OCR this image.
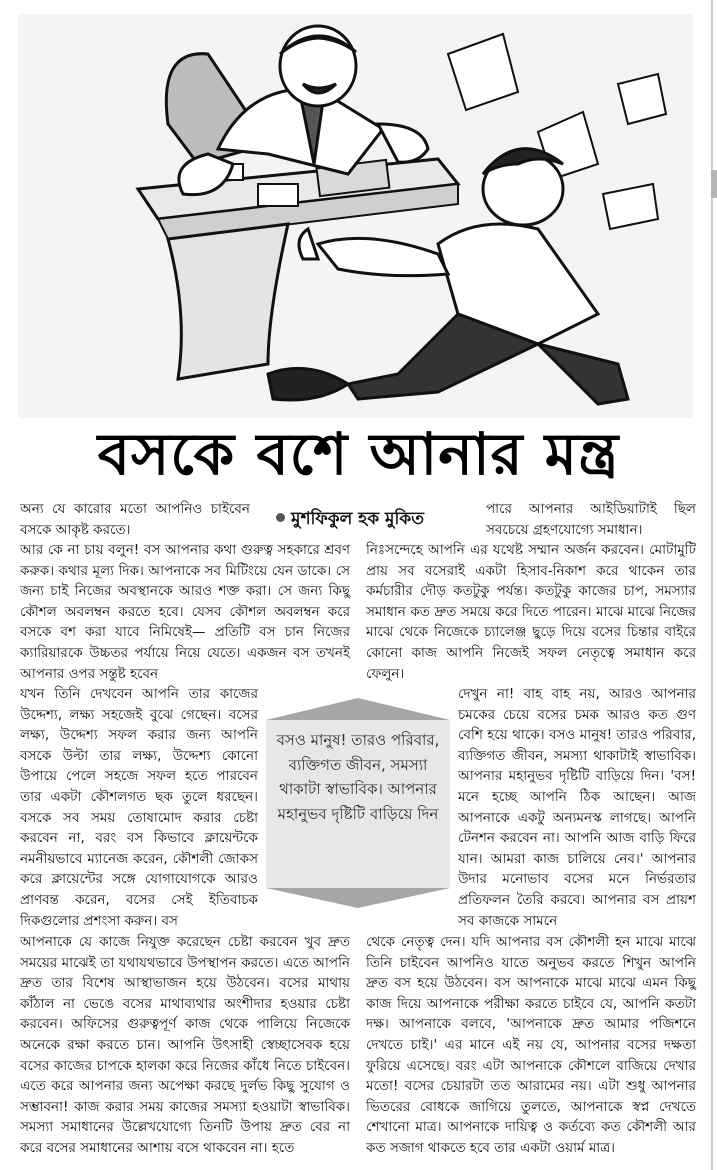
বসকে বশে আনার মন্ত্র
মুশফিকুল হক মুকিত

অন্য যে কারোর মতো আপনিও চাইবেন বসকে আকৃষ্ট করতে।

আর কে না চায় বলুন! বস আপনার কথা গুরুত্ব সহকারে শ্রবণ করুক। কথার মূল্য দিক। আপনাকে সব মিটিংয়ে যেন ডাকে। সে জন্য চাই নিজের অবস্থানকে আরও শক্ত করা। সে জন্য কিছু কৌশল অবলম্বন করতে হবে। যেসব কৌশল অবলম্বন করে বসকে বশ করা যাবে নিমিষেই— প্রতিটি বস চান নিজের ক্যারিয়ারকে উচ্চতর পর্যায়ে নিয়ে যেতে। একজন বস তখনই আপনার ওপর সন্তুষ্ট হবেন

যখন তিনি দেখবেন আপনি তার কাজের উদ্দেশ্য, লক্ষ্য সহজেই বুঝে গেছেন। বসের লক্ষ্য, উদ্দেশ্য সফল করার জন্য আপনি বসকে উল্টা তার লক্ষ্য, উদ্দেশ্য কোনো উপায়ে পেলে সহজে সফল হতে পারবেন তার একটা কৌশলগত ছক তুলে ধরছেন। বসকে সব সময় তোষামোদ করার চেষ্টা করবেন না, বরং বস কিভাবে ক্লায়েন্টকে নমনীয়ভাবে ম্যানেজ করেন, কৌশলী জোকস করে ক্লায়েন্টের সঙ্গে যোগাযোগকে আরও প্রাণবন্ত করেন, বসের সেই ইতিবাচক দিকগুলোর প্রশংসা করুন। বস

আপনাকে যে কাজে নিযুক্ত করেছেন চেষ্টা করবেন খুব দ্রুত সময়ের মাঝেই তা যথাযথভাবে উপস্থাপন করতে। এতে আপনি দ্রুত তার বিশেষ আস্থাভাজন হয়ে উঠবেন। বসের মাথায় কাঁঠাল না ভেঙে বসের মাথাব্যথার অংশীদার হওয়ার চেষ্টা করবেন। অফিসের গুরুত্বপূর্ণ কাজ থেকে পালিয়ে নিজেকে অনেকে রক্ষা করতে চান। আপনি উৎসাহী স্বেচ্ছাসেবক হয়ে বসের কাজের চাপকে হালকা করে নিজের কাঁধে নিতে চাইবেন। এতে করে আপনার জন্য অপেক্ষা করছে দুর্লভ কিছু সুযোগ ও সম্ভাবনা! কাজ করার সময় কাজের সমস্যা হওয়াটা স্বাভাবিক। সমস্যা সমাধানের উল্লেখযোগ্যে তিনটি উপায় দ্রুত বের না করে বসের সমাধানের আশায় বসে থাকবেন না। হতে

পারে আপনার আইডিয়াটাই ছিল সবচেয়ে গ্রহণযোগ্যে সমাধান।

নিঃসন্দেহে আপনি এর যথেষ্ট সম্মান অর্জন করবেন। মোটামুটি প্রায় সব বসেরাই একটা হিসাব-নিকাশ করে থাকেন তার কর্মচারীর দৌড় কতটুকু পর্যন্ত। কতটুকু কাজের চাপ, সমস্যার সমাধান কত দ্রুত সময়ে করে দিতে পারেন। মাঝে মাঝে নিজের মাঝে থেকে নিজেকে চ্যালেঞ্জ ছুড়ে দিয়ে বসের চিন্তার বাইরে কোনো কাজ আপনি নিজেই সফল নেতৃত্বে সমাধান করে ফেলুন।

দেখুন না! বাহ বাহ নয়, আরও আপনার চমকের চেয়ে বসের চমক আরও কত গুণ বেশি হয়ে থাকে। বসও মানুষ! তারও পরিবার, ব্যক্তিগত জীবন, সমস্যা থাকাটাই স্বাভাবিক। আপনার মহানুভব দৃষ্টিটি বাড়িয়ে দিন। 'বস! মনে হচ্ছে আপনি ঠিক আছেন। আজ আপনাকে একটু অন্যমনস্ক লাগছে। আপনি টেনশন করবেন না। আপনি আজ বাড়ি ফিরে যান। আমরা কাজ চালিয়ে নেব।' আপনার উদার মনোভাব বসের মনে নির্ভরতার প্রতিফলন তৈরি করবে। আপনার বস প্রায়শ সব কাজকে সামনে

থেকে নেতৃত্ব দেন। যদি আপনার বস কৌশলী হন মাঝে মাঝে তিনি চাইবেন আপনিও যাতে অনুভব করতে শিখুন আপনি দ্রুত বস হয়ে উঠবেন। বস আপনাকে মাঝে মাঝে এমন কিছু কাজ দিয়ে আপনাকে পরীক্ষা করতে চাইবে যে, আপনি কতটা দক্ষ। আপনাকে বলবে, 'আপনাকে দ্রুত আমার পজিশনে দেখতে চাই।' এর মানে এই নয় যে, আপনার বসের দক্ষতা ফুরিয়ে এসেছে। বরং এটা আপনাকে কৌশলে বাজিয়ে দেখার মতো! বসের চেয়ারটা তত আরামের নয়। এটা শুধু আপনার ভিতরের বোধকে জাগিয়ে তুলতে, আপনাকে স্বপ্ন দেখতে শেখানো মাত্র। আপনাকে দায়িত্ব ও কর্তব্যে কত কৌশলী আর কত সজাগ থাকতে হবে তার একটা ওয়ার্ম মাত্র।

বসও মানুষ! তারও পরিবার, ব্যক্তিগত জীবন, সমস্যা থাকাটা স্বাভাবিক। আপনার মহানুভব দৃষ্টিটি বাড়িয়ে দিন
